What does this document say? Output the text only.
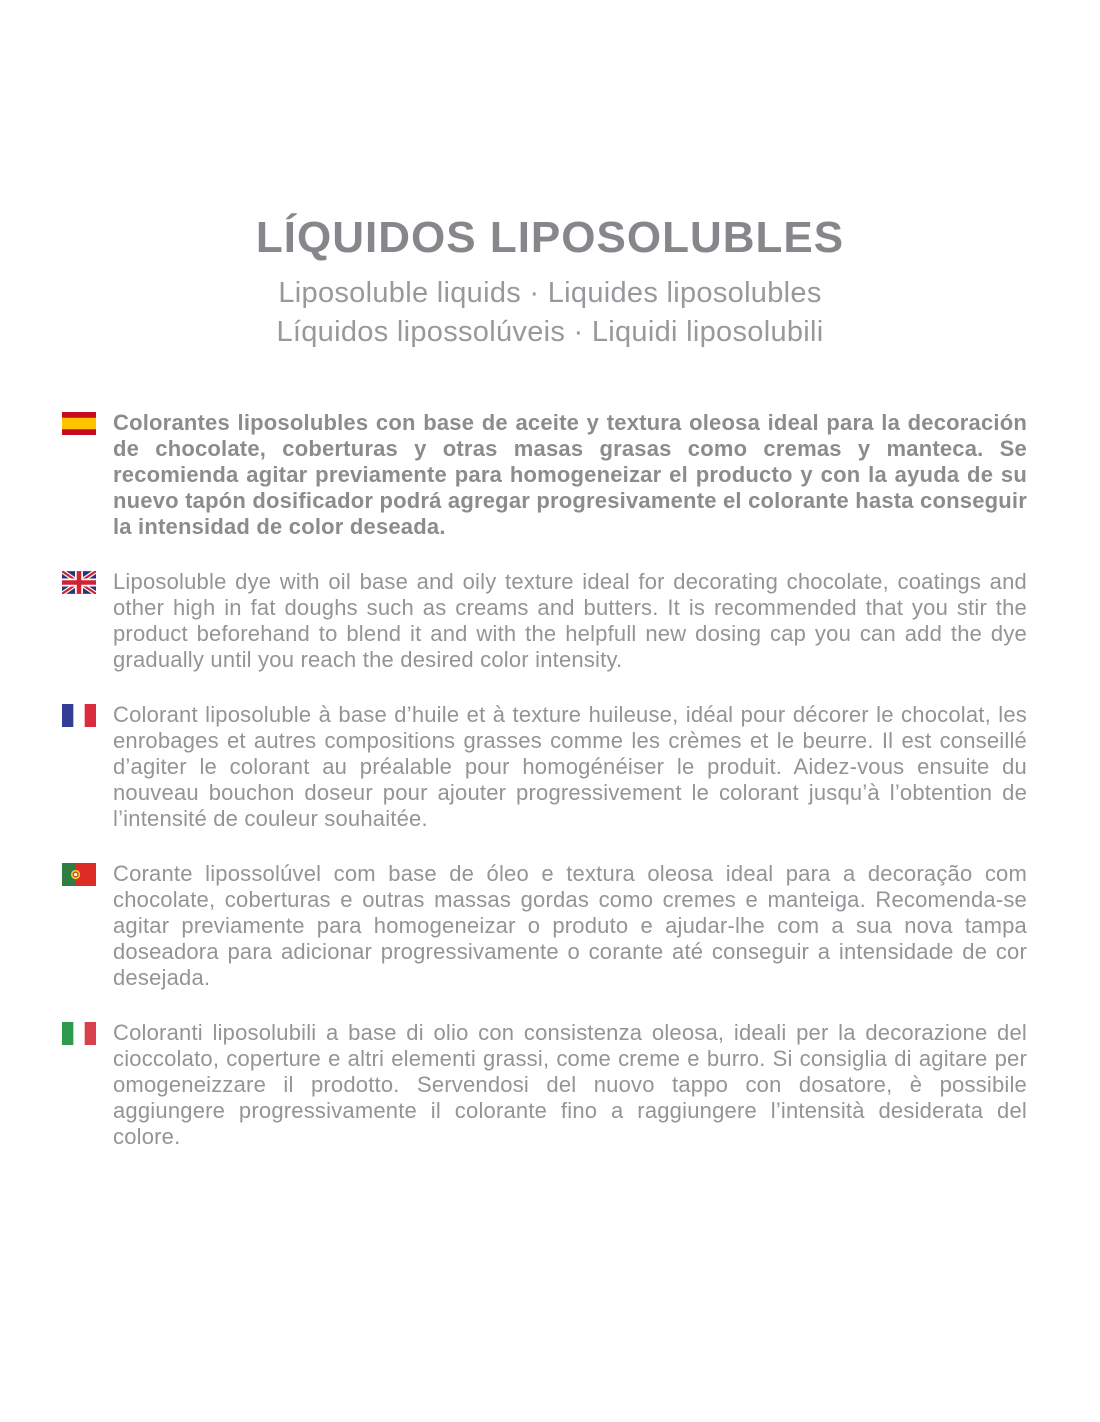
LÍQUIDOS LIPOSOLUBLES
Liposoluble liquids · Liquides liposolubles
Líquidos lipossolúveis · Liquidi liposolubili

Colorantes liposolubles con base de aceite y textura oleosa ideal para la decoración de chocolate, coberturas y otras masas grasas como cremas y manteca. Se recomienda agitar previamente para homogeneizar el producto y con la ayuda de su nuevo tapón dosificador podrá agregar progresivamente el colorante hasta conseguir la intensidad de color deseada.

Liposoluble dye with oil base and oily texture ideal for decorating chocolate, coatings and other high in fat doughs such as creams and butters. It is recommended that you stir the product beforehand to blend it and with the helpfull new dosing cap you can add the dye gradually until you reach the desired color intensity.

Colorant liposoluble à base d’huile et à texture huileuse, idéal pour décorer le chocolat, les enrobages et autres compositions grasses comme les crèmes et le beurre. Il est conseillé d’agiter le colorant au préalable pour homogénéiser le produit. Aidez-vous ensuite du nouveau bouchon doseur pour ajouter progressivement le colorant jusqu’à l’obtention de l’intensité de couleur souhaitée.

Corante lipossolúvel com base de óleo e textura oleosa ideal para a decoração com chocolate, coberturas e outras massas gordas como cremes e manteiga. Recomenda-se agitar previamente para homogeneizar o produto e ajudar-lhe com a sua nova tampa doseadora para adicionar progressivamente o corante até conseguir a intensidade de cor desejada.

Coloranti liposolubili a base di olio con consistenza oleosa, ideali per la decorazione del cioccolato, coperture e altri elementi grassi, come creme e burro. Si consiglia di agitare per omogeneizzare il prodotto. Servendosi del nuovo tappo con dosatore, è possibile aggiungere progressivamente il colorante fino a raggiungere l’intensità desiderata del colore.
